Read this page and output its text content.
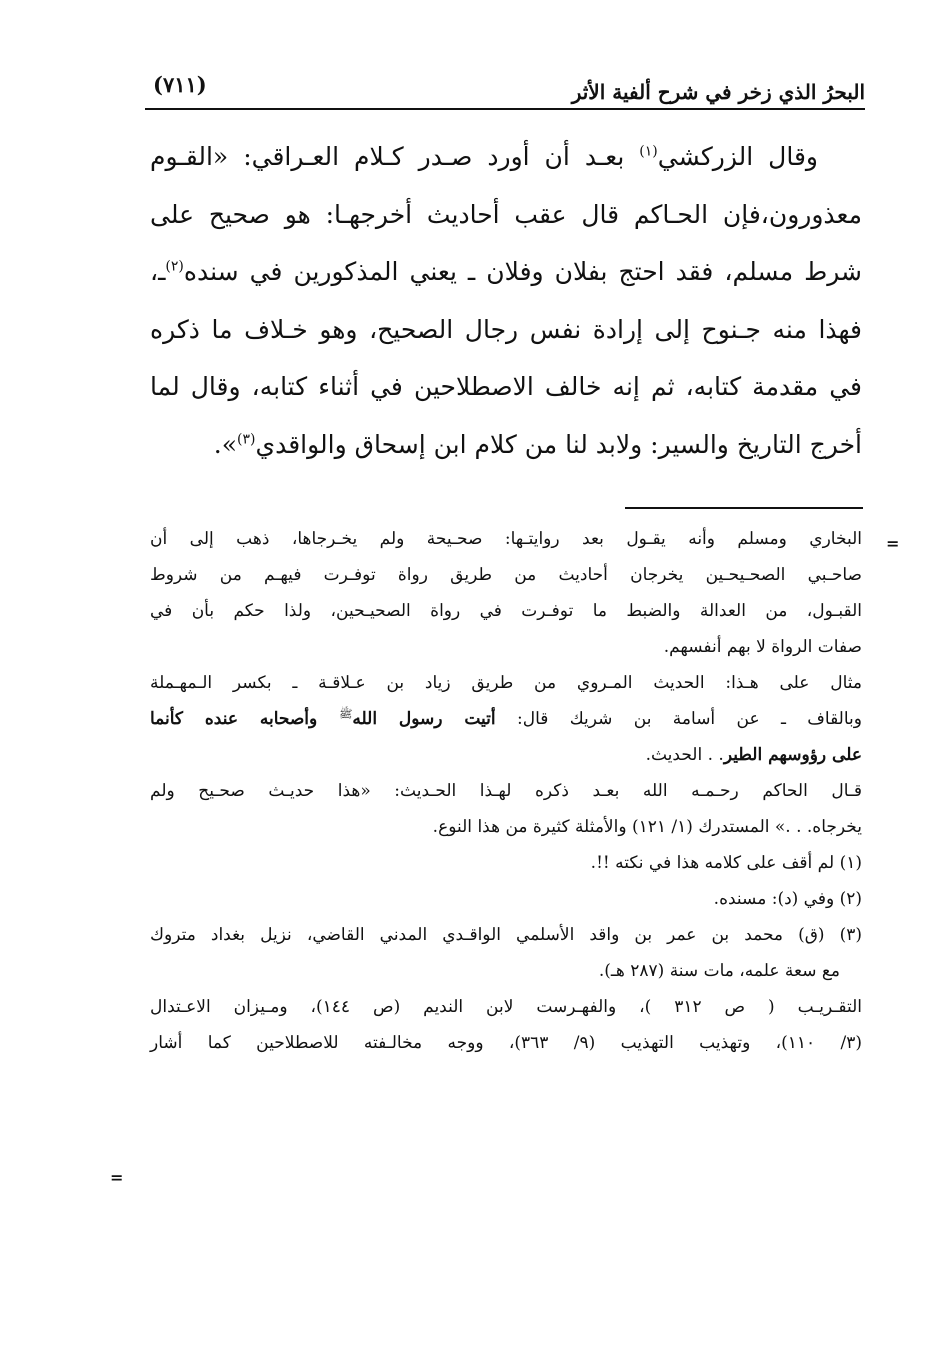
البحرُ الذي زخر في شرح ألفية الأثر
(٧١١)
وقال الزركشي$^{(١)}$ بعـد أن أورد صـدر كـلام العـراقي: «القـوم
معذورون،فإن الحـاكم قال عقب أحاديث أخرجهـا: هو صحيح على
شرط مسلم، فقد احتج بفلان وفلان ـ يعني المذكورين في سنده$^{(٢)}$ـ،
فهذا منه جـنوح إلى إرادة نفس رجال الصحيح، وهو خـلاف ما ذكره
في مقدمة كتابه، ثم إنه خالف الاصطلاحين في أثناء كتابه، وقال لما
أخرج التاريخ والسير: ولابد لنا من كلام ابن إسحاق والواقدي$^{(٣)}$».
=
=
البخاري ومسلم وأنه يقـول بعد روايتـها: صحـيحة ولم يخـرجاها، ذهب إلى أن
صاحـبي الصحـيحـين يخرجان أحاديث من طريق رواة توفـرت فيهـم من شروط
القبـول، من العدالة والضبط ما توفـرت في رواة الصحيـحين، ولذا حكم بأن في
صفات الرواة لا بهم أنفسهم.
مثال على هـذا: الحديث المـروي من طريق زياد بن عـلاقـة ـ بكسر الـمهـملة
وبالقاف ـ عن أسامة بن شريك قال: أتيت رسول الله$^ﷺ$ وأصحابه عنده كأنما
على رؤوسهم الطير. . الحديث.
قـال الحاكم رحـمـه الله بعـد ذكره لهـذا الحـديث: «هذا حديـث صحـيح ولم
يخرجاه. . .» المستدرك (١/ ١٢١) والأمثلة كثيرة من هذا النوع.
(١) لم أقف على كلامه هذا في نكته !!.
(٢) وفي (د): مسنده.
(٣) (ق) محمد بن عمر بن واقد الأسلمي الواقـدي المدني القاضي، نزيل بغداد متروك
مع سعة علمه، مات سنة (٢٨٧ هـ).
التقـريـب ( ص ٣١٢ )، والفهـرست لابن النديم (ص ١٤٤)، ومـيزان الاعـتدال
(٣/ ١١٠)، وتهذيب التهذيب (٩/ ٣٦٣)، ووجه مخالـفته للاصطلاحين كما أشار
